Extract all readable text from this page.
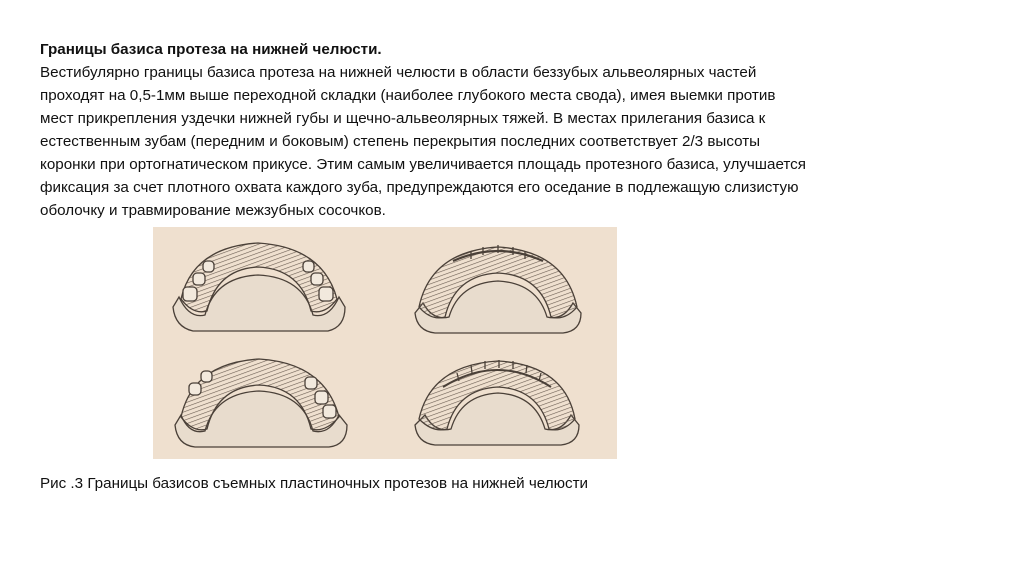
Границы базиса протеза на нижней челюсти.
Вестибулярно границы базиса протеза на нижней челюсти в области беззубых альвеолярных частей
проходят на 0,5-1мм выше переходной складки (наиболее глубокого места свода), имея выемки против
мест прикрепления уздечки нижней губы и щечно-альвеолярных тяжей. В местах прилегания базиса к
естественным зубам (передним и боковым) степень перекрытия последних соответствует 2/3 высоты
коронки при ортогнатическом прикусе. Этим самым увеличивается площадь протезного базиса, улучшается
фиксация за счет плотного охвата каждого зуба, предупреждаются его оседание в подлежащую слизистую
оболочку и травмирование межзубных сосочков.
Рис .3 Границы базисов съемных пластиночных протезов на нижней челюсти
